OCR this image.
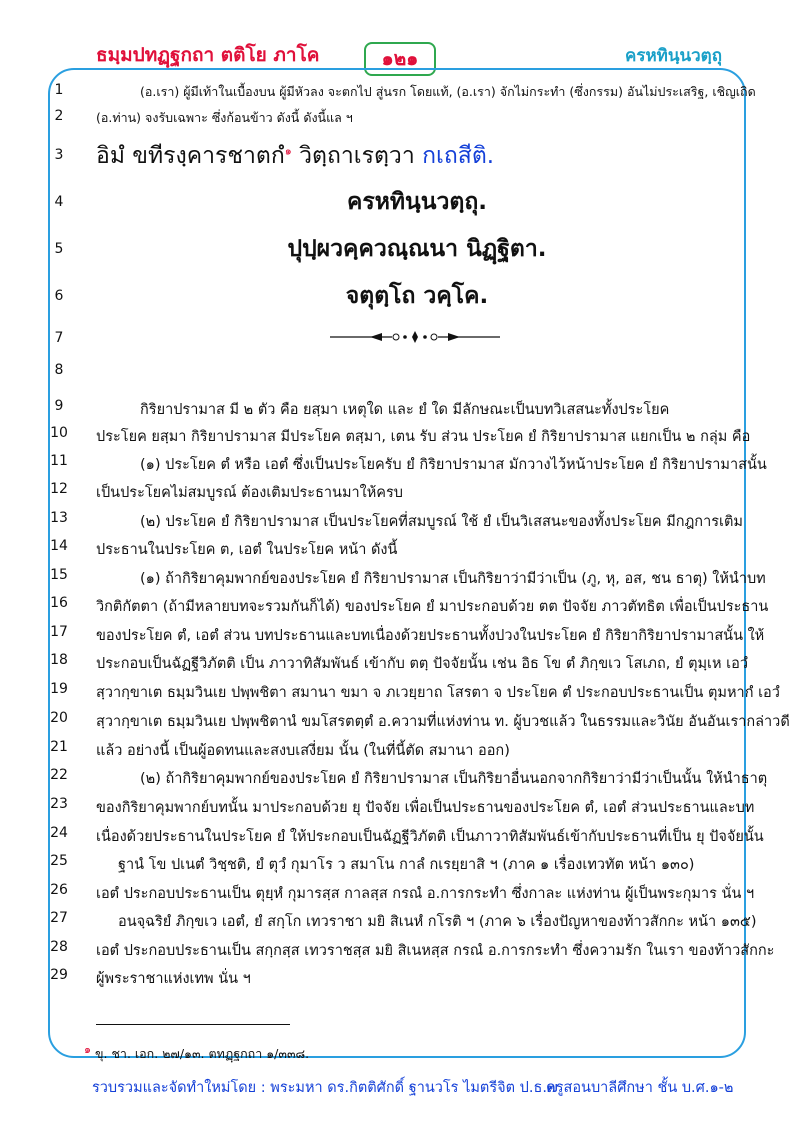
ธมฺมปทฏฺฐกถา ตติโย ภาโค	๑๒๑	ครหทินฺนวตฺถุ
1	(อ.เรา) ผู้มีเท้าในเบื้องบน ผู้มีหัวลง จะตกไป สู่นรก โดยแท้, (อ.เรา) จักไม่กระทำ (ซึ่งกรรม) อันไม่ประเสริฐ, เชิญเถิด
2	(อ.ท่าน) จงรับเฉพาะ ซึ่งก้อนข้าว ดังนี้ ดังนี้แล ฯ
3	อิมํ ขทีรงฺคารชาตกํ$^๑$ วิตฺถาเรตฺวา กเถสีติ.
4	ครหทินฺนวตฺถุ.
5	ปุปฺผวคฺควณฺณนา นิฏฺฐิตา.
6	จตุตฺโถ วคฺโค.
7
8
9	กิริยาปรามาส มี ๒ ตัว คือ ยสฺมา เหตุใด และ ยํ ใด มีลักษณะเป็นบทวิเสสนะทั้งประโยค
10	ประโยค ยสฺมา กิริยาปรามาส มีประโยค ตสฺมา, เตน รับ ส่วน ประโยค ยํ กิริยาปรามาส แยกเป็น ๒ กลุ่ม คือ
11	(๑) ประโยค ตํ หรือ เอตํ ซึ่งเป็นประโยครับ ยํ กิริยาปรามาส มักวางไว้หน้าประโยค ยํ กิริยาปรามาสนั้น
12	เป็นประโยคไม่สมบูรณ์ ต้องเติมประธานมาให้ครบ
13	(๒) ประโยค ยํ กิริยาปรามาส เป็นประโยคที่สมบูรณ์ ใช้ ยํ เป็นวิเสสนะของทั้งประโยค มีกฎการเติม
14	ประธานในประโยค ต, เอตํ ในประโยค หน้า ดังนี้
15	(๑) ถ้ากิริยาคุมพากย์ของประโยค ยํ กิริยาปรามาส เป็นกิริยาว่ามีว่าเป็น (ภู, หุ, อส, ชน ธาตุ) ให้นำบท
16	วิกติกัตตา (ถ้ามีหลายบทจะรวมกันก็ได้) ของประโยค ยํ มาประกอบด้วย ตต ปัจจัย ภาวตัทธิต เพื่อเป็นประธาน
17	ของประโยค ตํ, เอตํ ส่วน บทประธานและบทเนื่องด้วยประธานทั้งปวงในประโยค ยํ กิริยากิริยาปรามาสนั้น ให้
18	ประกอบเป็นฉัฏฐีวิภัตติ เป็น ภาวาทิสัมพันธ์ เข้ากับ ตตฺ ปัจจัยนั้น เช่น อิธ โข ตํ ภิกฺขเว โสเภถ, ยํ ตุมฺเห เอวํ
19	สฺวากฺขาเต ธมฺมวินเย ปพฺพชิตา สมานา ขมา จ ภเวยฺยาถ โสรตา จ ประโยค ตํ ประกอบประธานเป็น ตุมหากํ เอวํ
20	สฺวากฺขาเต ธมฺมวินเย ปพฺพชิตานํ ขมโสรตตฺตํ อ.ความที่แห่งท่าน ท. ผู้บวชแล้ว ในธรรมและวินัย อันอันเรากล่าวดี
21	แล้ว อย่างนี้ เป็นผู้อดทนและสงบเสงี่ยม นั้น (ในที่นี้ตัด สมานา ออก)
22	(๒) ถ้ากิริยาคุมพากย์ของประโยค ยํ กิริยาปรามาส เป็นกิริยาอื่นนอกจากกิริยาว่ามีว่าเป็นนั้น ให้นำธาตุ
23	ของกิริยาคุมพากย์บทนั้น มาประกอบด้วย ยุ ปัจจัย เพื่อเป็นประธานของประโยค ตํ, เอตํ ส่วนประธานและบท
24	เนื่องด้วยประธานในประโยค ยํ ให้ประกอบเป็นฉัฏฐีวิภัตติ เป็นภาวาทิสัมพันธ์เข้ากับประธานที่เป็น ยุ ปัจจัยนั้น
25	ฐานํ โข ปเนตํ วิชฺชติ, ยํ ตุวํ กุมาโร ว สมาโน กาลํ กเรยฺยาสิ ฯ (ภาค ๑ เรื่องเทวทัต หน้า ๑๓๐)
26	เอตํ ประกอบประธานเป็น ตุยฺหํ กุมารสฺส กาลสฺส กรณํ อ.การกระทำ ซึ่งกาละ แห่งท่าน ผู้เป็นพระกุมาร นั่น ฯ
27	อนจฺฉริยํ ภิกฺขเว เอตํ, ยํ สกฺโก เทวราชา มยิ สิเนหํ กโรติ ฯ (ภาค ๖ เรื่องปัญหาของท้าวสักกะ หน้า ๑๓๕)
28	เอตํ ประกอบประธานเป็น สกฺกสฺส เทวราชสฺส มยิ สิเนหสฺส กรณํ อ.การกระทำ ซึ่งความรัก ในเรา ของท้าวสักกะ
29	ผู้พระราชาแห่งเทพ นั่น ฯ
๑ ขุ. ชา. เอก. ๒๗/๑๓. ตทฏฺฐกถา ๑/๓๓๘.
รวบรวมและจัดทำใหม่โดย : พระมหา ดร.กิตติศักดิ์ ฐานวโร ไมตรีจิต ป.ธ.๗
ครูสอนบาลีศึกษา ชั้น บ.ศ.๑-๒
